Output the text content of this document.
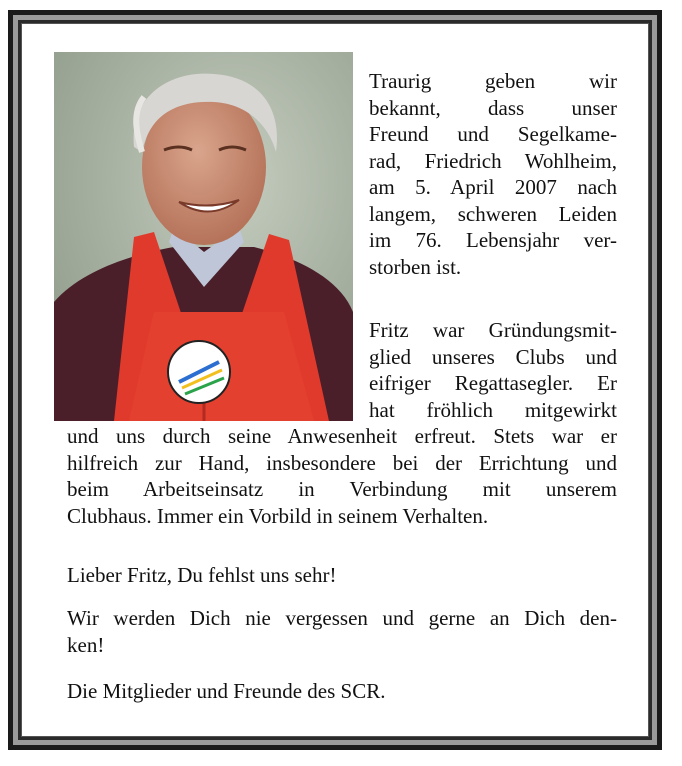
Traurig geben wir

bekannt, dass unser

Freund und Segelkame-

rad, Friedrich Wohlheim,

am 5. April 2007 nach

langem, schweren Leiden

im 76. Lebensjahr ver-

storben ist.

Fritz war Gründungsmit-

glied unseres Clubs und

eifriger Regattasegler. Er

hat fröhlich mitgewirkt

und uns durch seine Anwesenheit erfreut. Stets war er

hilfreich zur Hand, insbesondere bei der Errichtung und

beim Arbeitseinsatz in Verbindung mit unserem

Clubhaus. Immer ein Vorbild in seinem Verhalten.

Lieber Fritz, Du fehlst uns sehr!

Wir werden Dich nie vergessen und gerne an Dich den-

ken!

Die Mitglieder und Freunde des SCR.
